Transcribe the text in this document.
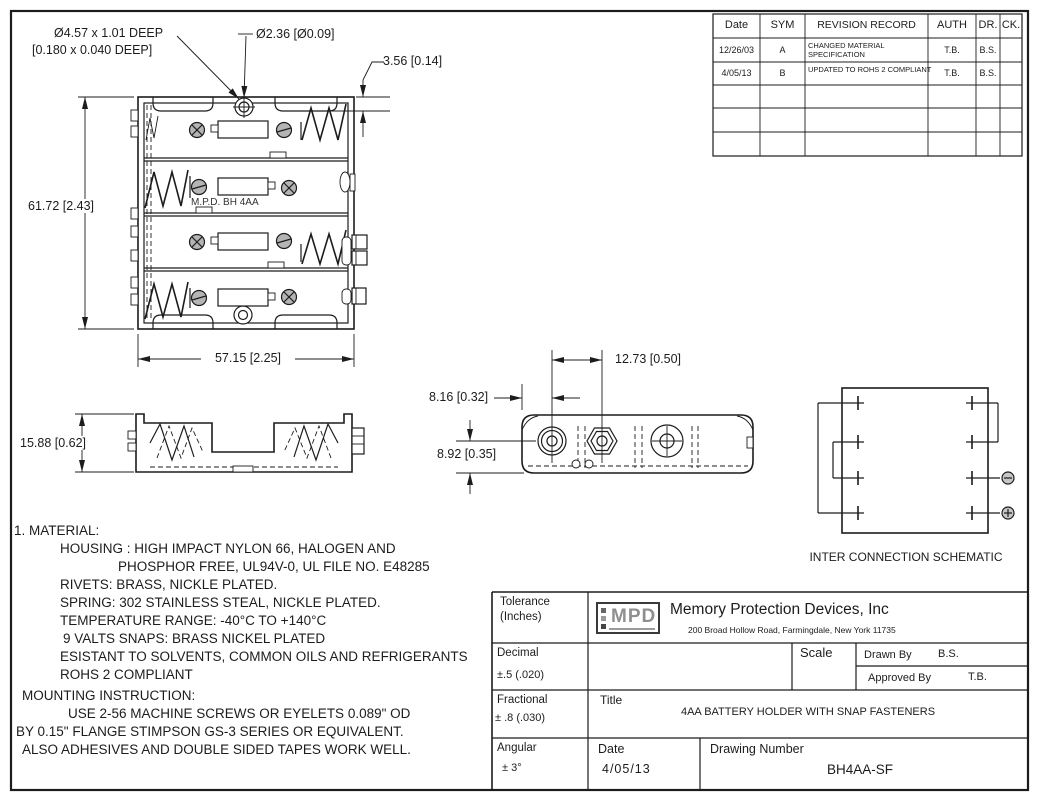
Ø4.57 x 1.01 DEEP
[0.180 x 0.040 DEEP]
Ø2.36 [Ø0.09]
3.56 [0.14]
61.72 [2.43]
57.15 [2.25]
15.88 [0.62]
12.73 [0.50]
8.16 [0.32]
8.92 [0.35]
M.P.D. BH 4AA
INTER CONNECTION SCHEMATIC
1. MATERIAL:
HOUSING : HIGH IMPACT NYLON 66, HALOGEN AND
PHOSPHOR FREE, UL94V-0, UL FILE NO. E48285
RIVETS: BRASS, NICKLE PLATED.
SPRING: 302 STAINLESS STEAL, NICKLE PLATED.
TEMPERATURE RANGE: -40°C TO +140°C
9 VALTS SNAPS: BRASS NICKEL PLATED
ESISTANT TO SOLVENTS, COMMON OILS AND REFRIGERANTS
ROHS 2 COMPLIANT
MOUNTING INSTRUCTION:
USE 2-56 MACHINE SCREWS OR EYELETS 0.089" OD
BY 0.15" FLANGE STIMPSON GS-3 SERIES OR EQUIVALENT.
ALSO ADHESIVES AND DOUBLE SIDED TAPES WORK WELL.
Date	SYM	REVISION RECORD	AUTH	DR. CK.
12/26/03	A	CHANGED MATERIAL SPECIFICATION	T.B.	B.S.
4/05/13	B	UPDATED TO ROHS 2 COMPLIANT	T.B.	B.S.
Tolerance
(Inches)	MPD Memory Protection Devices, Inc
200 Broad Hollow Road, Farmingdale, New York 11735
Decimal
±.5 (.020)
Scale	Drawn By B.S.
Approved By	T.B.
Fractional
± .8 (.030)
Title
4AA BATTERY HOLDER WITH SNAP FASTENERS
Angular
± 3°
Date
4/05/13
Drawing Number
BH4AA-SF
